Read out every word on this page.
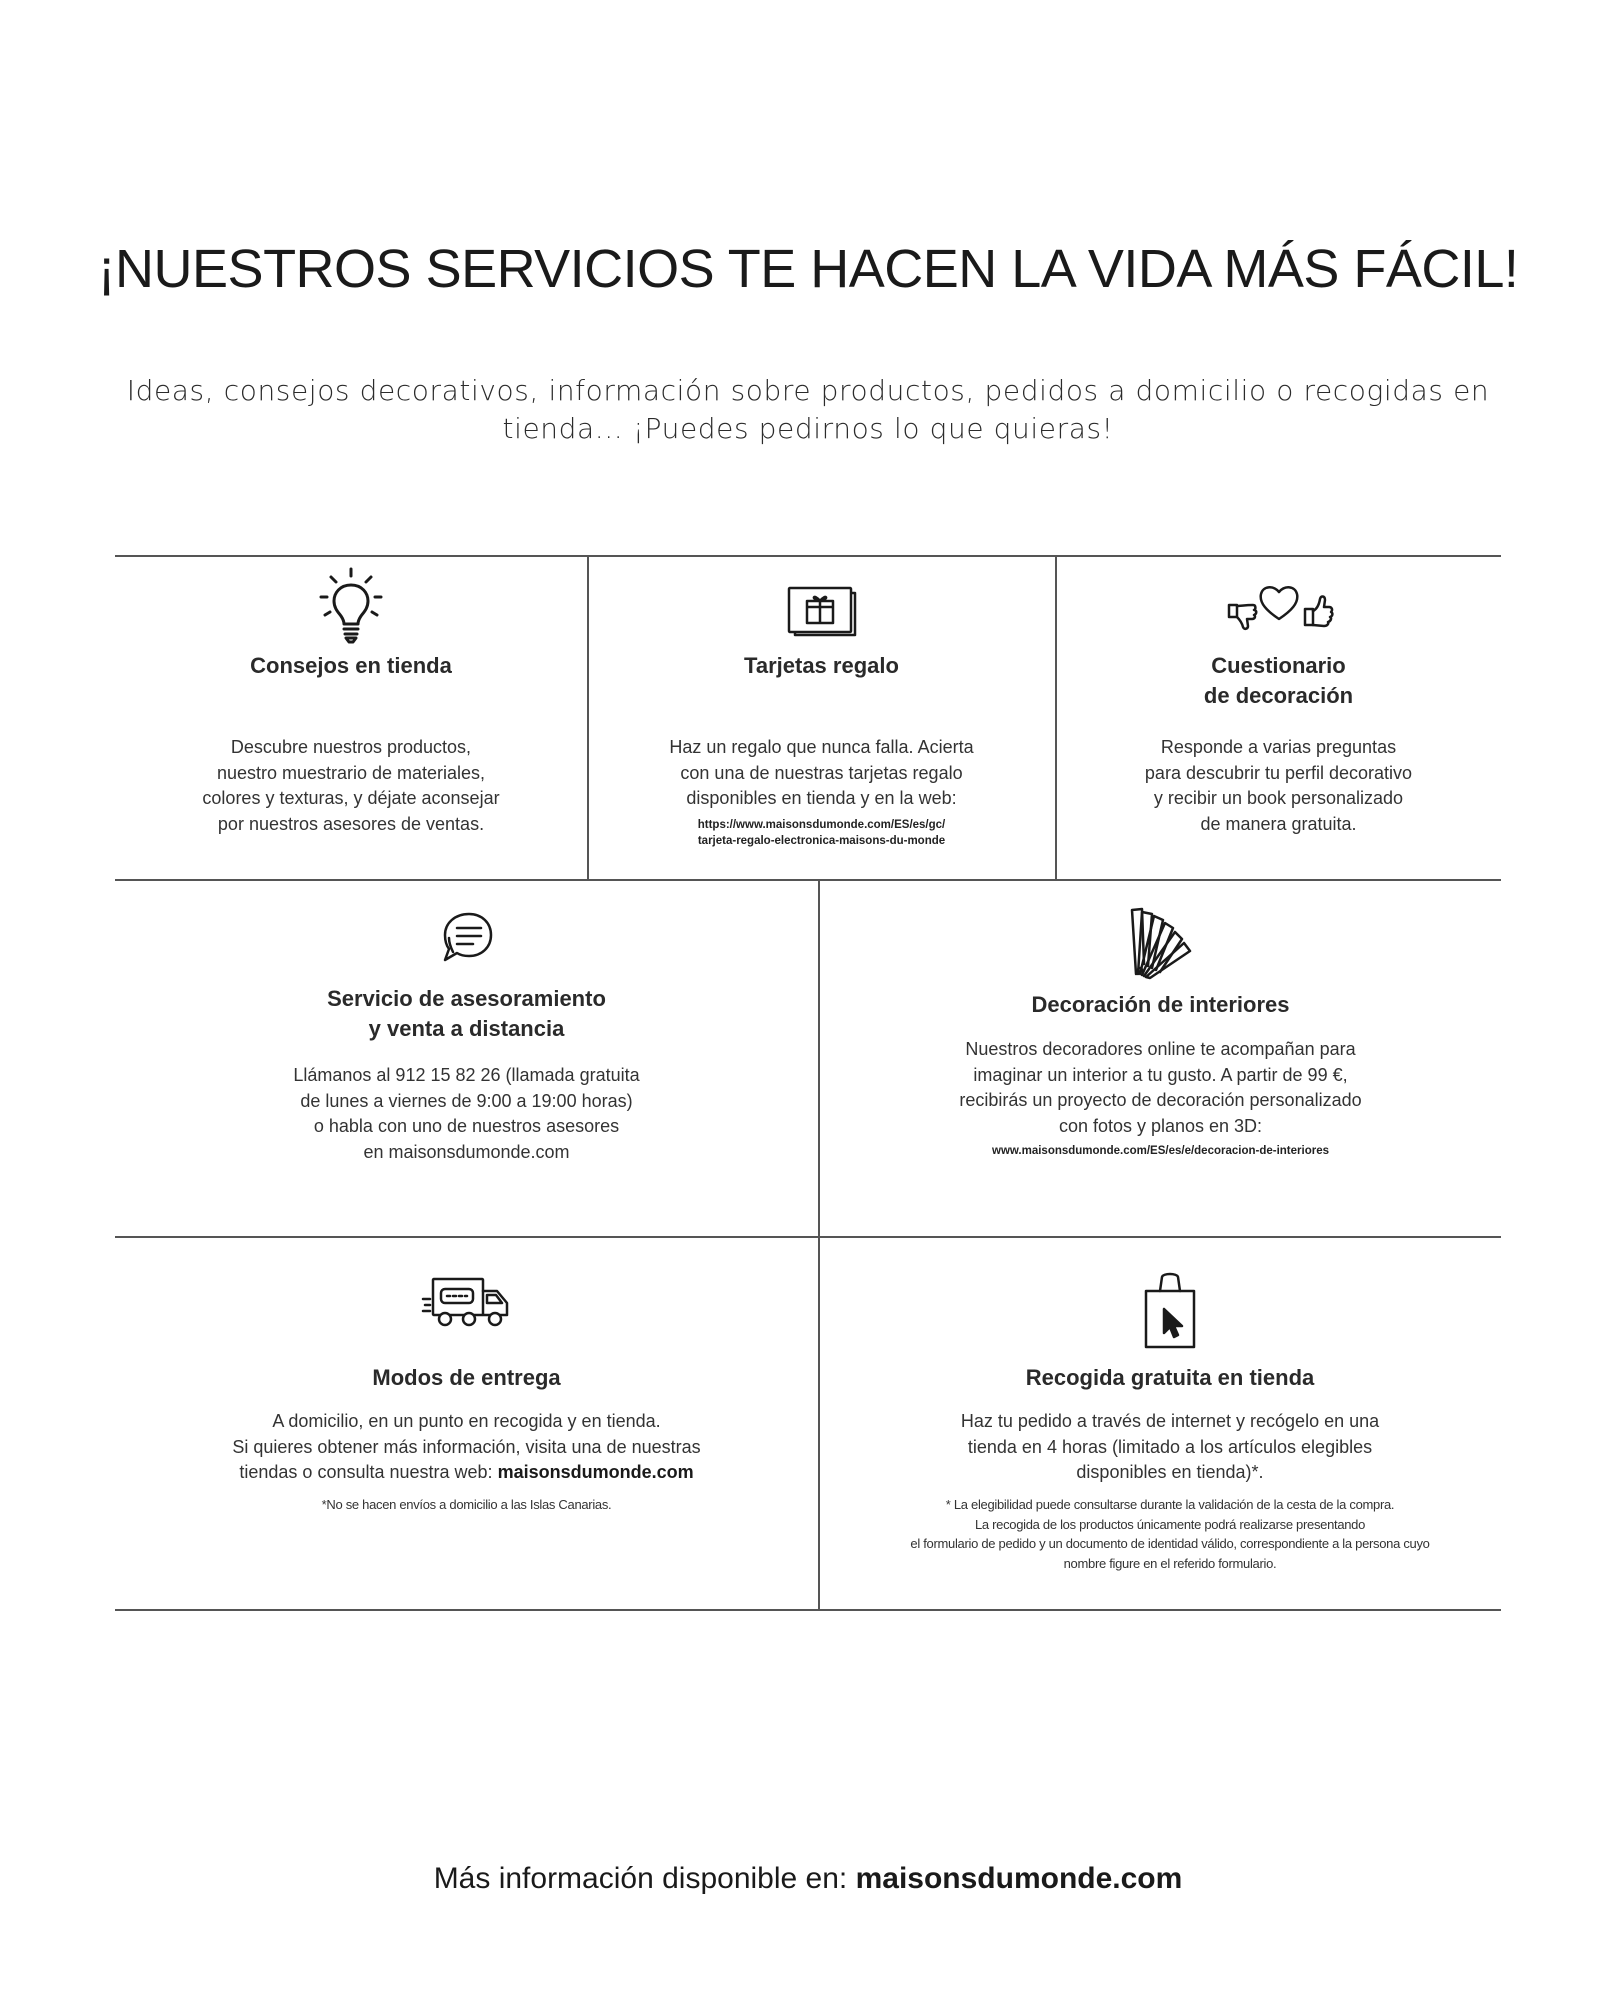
¡NUESTROS SERVICIOS TE HACEN LA VIDA MÁS FÁCIL!
Ideas, consejos decorativos, información sobre productos, pedidos a domicilio o recogidas en tienda... ¡Puedes pedirnos lo que quieras!
Consejos en tienda

Descubre nuestros productos,
nuestro muestrario de materiales,
colores y texturas, y déjate aconsejar
por nuestros asesores de ventas.

Tarjetas regalo

Haz un regalo que nunca falla. Acierta
con una de nuestras tarjetas regalo
disponibles en tienda y en la web:

https://www.maisonsdumonde.com/ES/es/gc/
tarjeta-regalo-electronica-maisons-du-monde

Cuestionario
de decoración

Responde a varias preguntas
para descubrir tu perfil decorativo
y recibir un book personalizado
de manera gratuita.

Servicio de asesoramiento
y venta a distancia

Llámanos al 912 15 82 26 (llamada gratuita
de lunes a viernes de 9:00 a 19:00 horas)
o habla con uno de nuestros asesores
en maisonsdumonde.com

Decoración de interiores

Nuestros decoradores online te acompañan para
imaginar un interior a tu gusto. A partir de 99 €,
recibirás un proyecto de decoración personalizado
con fotos y planos en 3D:

www.maisonsdumonde.com/ES/es/e/decoracion-de-interiores

Modos de entrega

A domicilio, en un punto en recogida y en tienda.
Si quieres obtener más información, visita una de nuestras
tiendas o consulta nuestra web: maisonsdumonde.com

*No se hacen envíos a domicilio a las Islas Canarias.

Recogida gratuita en tienda

Haz tu pedido a través de internet y recógelo en una
tienda en 4 horas (limitado a los artículos elegibles
disponibles en tienda)*.

* La elegibilidad puede consultarse durante la validación de la cesta de la compra.
La recogida de los productos únicamente podrá realizarse presentando
el formulario de pedido y un documento de identidad válido, correspondiente a la persona cuyo
nombre figure en el referido formulario.

Más información disponible en: maisonsdumonde.com
